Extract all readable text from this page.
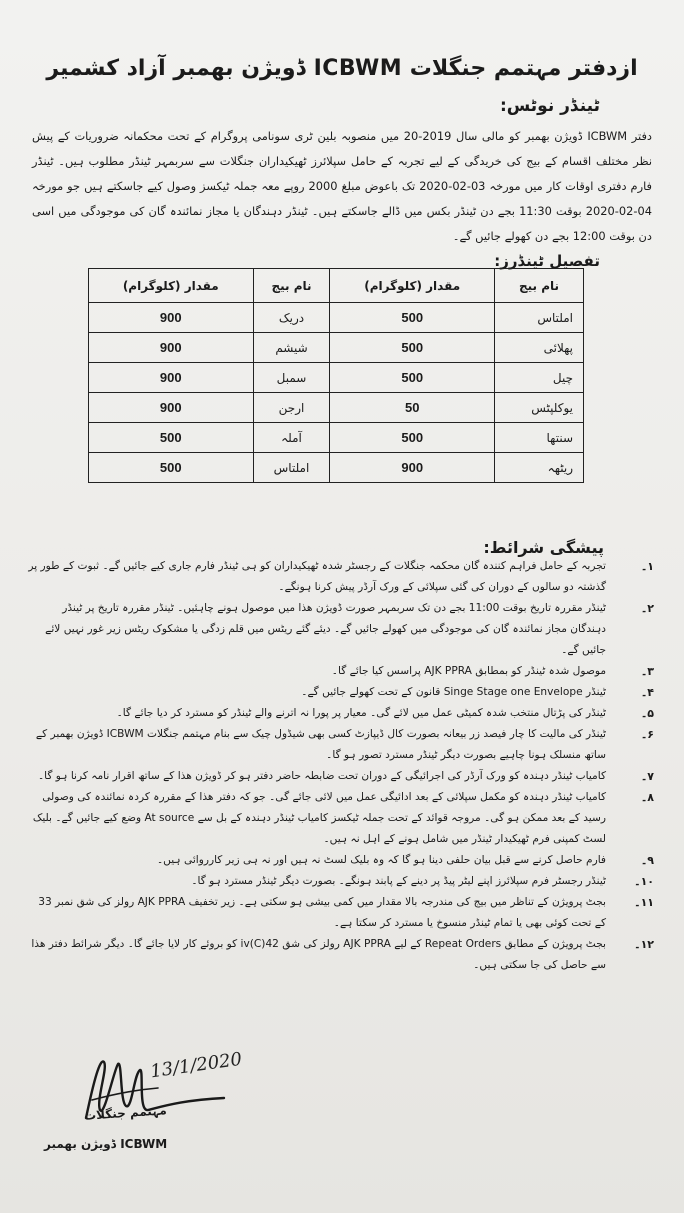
ازدفتر مہتمم جنگلات ICBWM ڈویژن بھمبر آزاد کشمیر
ٹینڈر نوٹس:
دفتر ICBWM ڈویژن بھمبر کو مالی سال 2019-20 میں منصوبہ بلین ٹری سونامی پروگرام کے تحت محکمانہ ضروریات کے پیش نظر مختلف اقسام کے بیج کی خریدگی کے لیے تجربہ کے حامل سپلائرز ٹھیکیداران جنگلات سے سربمہر ٹینڈر مطلوب ہیں۔ ٹینڈر فارم دفتری اوقات کار میں مورخہ 03-02-2020 تک باعوض مبلغ 2000 روپے معہ جملہ ٹیکسز وصول کیے جاسکتے ہیں جو مورخہ 04-02-2020 بوقت 11:30 بجے دن ٹینڈر بکس میں ڈالے جاسکتے ہیں۔ ٹینڈر دہندگان یا مجاز نمائندہ گان کی موجودگی میں اسی دن بوقت 12:00 بجے دن کھولے جائیں گے۔
تفصیل ٹینڈرز:
نام بیج	مقدار (کلوگرام)	نام بیج	مقدار (کلوگرام)
املتاس	500	دریک	900
پھلائی	500	شیشم	900
چیل	500	سمبل	900
یوکلپٹس	50	ارجن	900
سنتھا	500	آملہ	500
ریٹھہ	900	املتاس	500
پیشگی شرائط:
۱۔
تجربہ کے حامل فراہم کنندہ گان محکمہ جنگلات کے رجسٹر شدہ ٹھیکیداران کو ہی ٹینڈر فارم جاری کیے جائیں گے۔ ثبوت کے طور پر گذشتہ دو سالوں کے دوران کی گئی سپلائی کے ورک آرڈر پیش کرنا ہونگے۔
۲۔
ٹینڈر مقررہ تاریخ بوقت 11:00 بجے دن تک سربمہر صورت ڈویژن ھذا میں موصول ہونے چاہئیں۔ ٹینڈر مقررہ تاریخ پر ٹینڈر دہندگان مجاز نمائندہ گان کی موجودگی میں کھولے جائیں گے۔ دیئے گئے ریٹس میں قلم زدگی یا مشکوک ریٹس زیر غور نہیں لائے جائیں گے۔
۳۔
موصول شدہ ٹینڈر کو بمطابق AJK PPRA پراسس کیا جائے گا۔
۴۔
ٹینڈر Singe Stage one Envelope قانون کے تحت کھولے جائیں گے۔
۵۔
ٹینڈر کی پڑتال منتخب شدہ کمیٹی عمل میں لائے گی۔ معیار پر پورا نہ اترنے والے ٹینڈر کو مسترد کر دیا جائے گا۔
۶۔
ٹینڈر کی مالیت کا چار فیصد زر بیعانہ بصورت کال ڈیپازٹ کسی بھی شیڈول چیک سے بنام مہتمم جنگلات ICBWM ڈویژن بھمبر کے ساتھ منسلک ہونا چاہیے بصورت دیگر ٹینڈر مسترد تصور ہو گا۔
۷۔
کامیاب ٹینڈر دہندہ کو ورک آرڈر کی اجرائیگی کے دوران تحت ضابطہ حاضر دفتر ہو کر ڈویژن ھذا کے ساتھ اقرار نامہ کرنا ہو گا۔
۸۔
کامیاب ٹینڈر دہندہ کو مکمل سپلائی کے بعد ادائیگی عمل میں لائی جائے گی۔ جو کہ دفتر ھذا کے مقررہ کردہ نمائندہ کی وصولی رسید کے بعد ممکن ہو گی۔ مروجہ قوائد کے تحت جملہ ٹیکسز کامیاب ٹینڈر دہندہ کے بل سے At source وضع کیے جائیں گے۔ بلیک لسٹ کمپنی فرم ٹھیکیدار ٹینڈر میں شامل ہونے کے اہل نہ ہیں۔
۹۔
فارم حاصل کرنے سے قبل بیان حلفی دینا ہو گا کہ وہ بلیک لسٹ نہ ہیں اور نہ ہی زیر کارروائی ہیں۔
۱۰۔
ٹینڈر رجسٹر فرم سپلائرز اپنے لیٹر پیڈ پر دینے کے پابند ہونگے۔ بصورت دیگر ٹینڈر مسترد ہو گا۔
۱۱۔
بجٹ پرویژن کے تناظر میں بیج کی مندرجہ بالا مقدار میں کمی بیشی ہو سکتی ہے۔ زیر تخفیف AJK PPRA رولز کی شق نمبر 33 کے تحت کوئی بھی یا تمام ٹینڈر منسوخ یا مسترد کر سکتا ہے۔
۱۲۔
بجٹ پرویژن کے مطابق Repeat Orders کے لیے AJK PPRA رولز کی شق 42(C)iv کو بروئے کار لایا جائے گا۔ دیگر شرائط دفتر ھذا سے حاصل کی جا سکتی ہیں۔
13/1/2020
مہتمم جنگلات
ICBWM ڈویژن بھمبر
